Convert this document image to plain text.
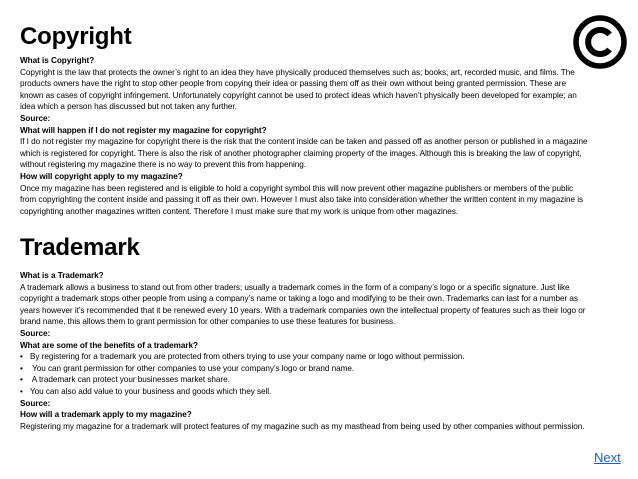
Copyright

What is Copyright?

Copyright is the law that protects the owner’s right to an idea they have physically produced themselves such as; books, art, recorded music, and films. The products owners have the right to stop other people from copying their idea or passing them off as their own without being granted permission. These are known as cases of copyright infringement. Unfortunately copyright cannot be used to protect ideas which haven’t physically been developed for example; an idea which a person has discussed but not taken any further.

Source:

What will happen if I do not register my magazine for copyright?

If I do not register my magazine for copyright there is the risk that the content inside can be taken and passed off as another person or published in a magazine which is registered for copyright. There is also the risk of another photographer claiming property of the images. Although this is breaking the law of copyright, without registering my magazine there is no way to prevent this from happening.

How will copyright apply to my magazine?

Once my magazine has been registered and is eligible to hold a copyright symbol this will now prevent other magazine publishers or members of the public from copyrighting the content inside and passing it off as their own. However I must also take into consideration whether the written content in my magazine is copyrighting another magazines written content. Therefore I must make sure that my work is unique from other magazines.

Trademark

What is a Trademark?

A trademark allows a business to stand out from other traders; usually a trademark comes in the form of a company’s logo or a specific signature. Just like copyright a trademark stops other people from using a company’s name or taking a logo and modifying to be their own. Trademarks can last for a number as years however it’s recommended that it be renewed every 10 years. With a trademark companies own the intellectual property of features such as their logo or brand name, this allows them to grant permission for other companies to use these features for business.

Source:

What are some of the benefits of a trademark?

• By registering for a trademark you are protected from others trying to use your company name or logo without permission.
• You can grant permission for other companies to use your company’s logo or brand name.
• A trademark can protect your businesses market share.
• You can also add value to your business and goods which they sell.

Source:

How will a trademark apply to my magazine?

Registering my magazine for a trademark will protect features of my magazine such as my masthead from being used by other companies without permission.

Next
